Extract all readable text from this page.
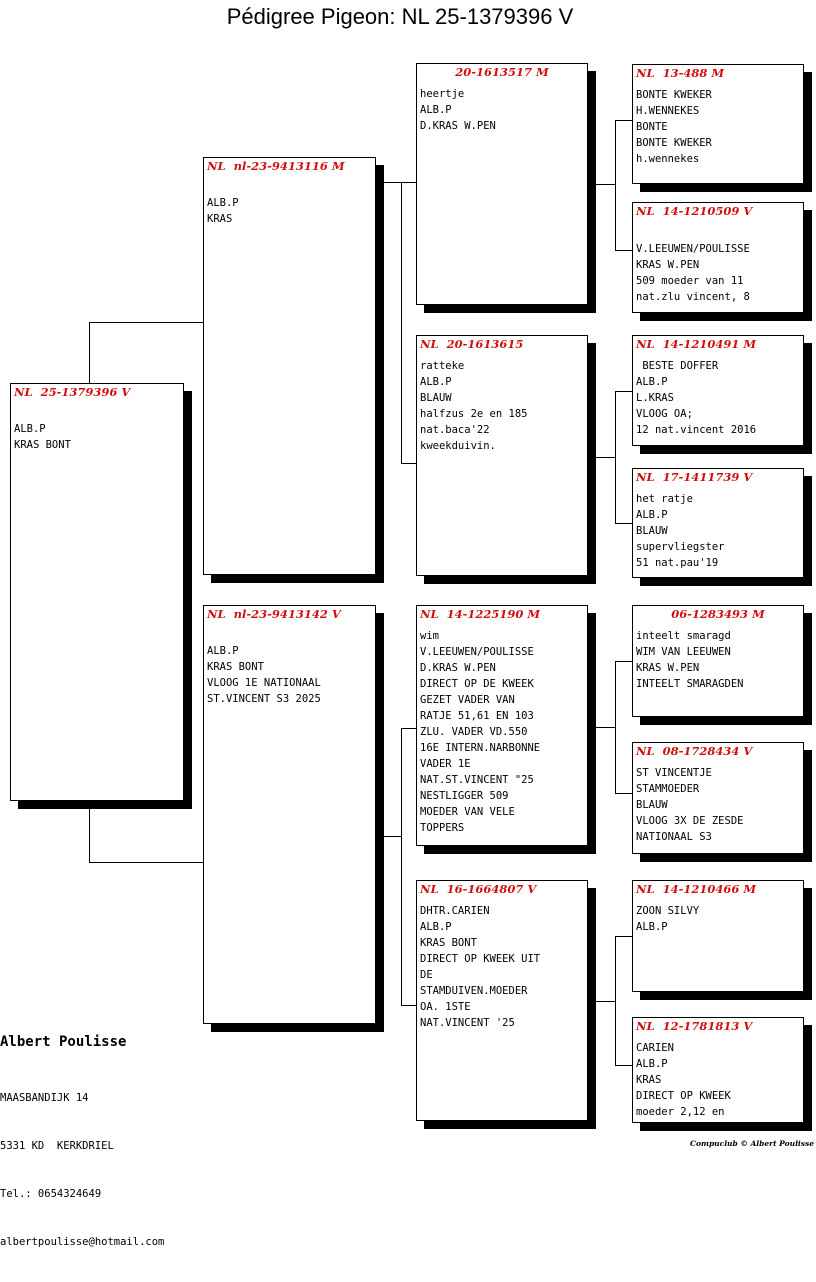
Pédigree Pigeon: NL 25-1379396 V
NL  25-1379396 V
ALB.P
KRAS BONT
NL  nl-23-9413116 M
ALB.P
KRAS
NL  nl-23-9413142 V
ALB.P
KRAS BONT
VLOOG 1E NATIONAAL
ST.VINCENT S3 2025
20-1613517 M
heertje
ALB.P
D.KRAS W.PEN
NL  20-1613615
ratteke
ALB.P
BLAUW
halfzus 2e en 185
nat.baca'22
kweekduivin.
NL  14-1225190 M
wim
V.LEEUWEN/POULISSE
D.KRAS W.PEN
DIRECT OP DE KWEEK
GEZET VADER VAN
RATJE 51,61 EN 103
ZLU. VADER VD.550
16E INTERN.NARBONNE
VADER 1E
NAT.ST.VINCENT "25
NESTLIGGER 509
MOEDER VAN VELE
TOPPERS
NL  16-1664807 V
DHTR.CARIEN
ALB.P
KRAS BONT
DIRECT OP KWEEK UIT
DE
STAMDUIVEN.MOEDER
OA. 1STE
NAT.VINCENT '25
NL  13-488 M
BONTE KWEKER
H.WENNEKES
BONTE
BONTE KWEKER
h.wennekes
NL  14-1210509 V

V.LEEUWEN/POULISSE
KRAS W.PEN
509 moeder van 11
nat.zlu vincent, 8
NL  14-1210491 M
BESTE DOFFER
ALB.P
L.KRAS
VLOOG OA;
12 nat.vincent 2016
NL  17-1411739 V
het ratje
ALB.P
BLAUW
supervliegster
51 nat.pau'19
06-1283493 M
inteelt smaragd
WIM VAN LEEUWEN
KRAS W.PEN
INTEELT SMARAGDEN
NL  08-1728434 V
ST VINCENTJE
STAMMOEDER
BLAUW
VLOOG 3X DE ZESDE
NATIONAAL S3
NL  14-1210466 M
ZOON SILVY
ALB.P
NL  12-1781813 V
CARIEN
ALB.P
KRAS
DIRECT OP KWEEK
moeder 2,12 en
Albert Poulisse

MAASBANDIJK 14

5331 KD  KERKDRIEL

Tel.: 0654324649

albertpoulisse@hotmail.com

Compuclub © Albert Poulisse
